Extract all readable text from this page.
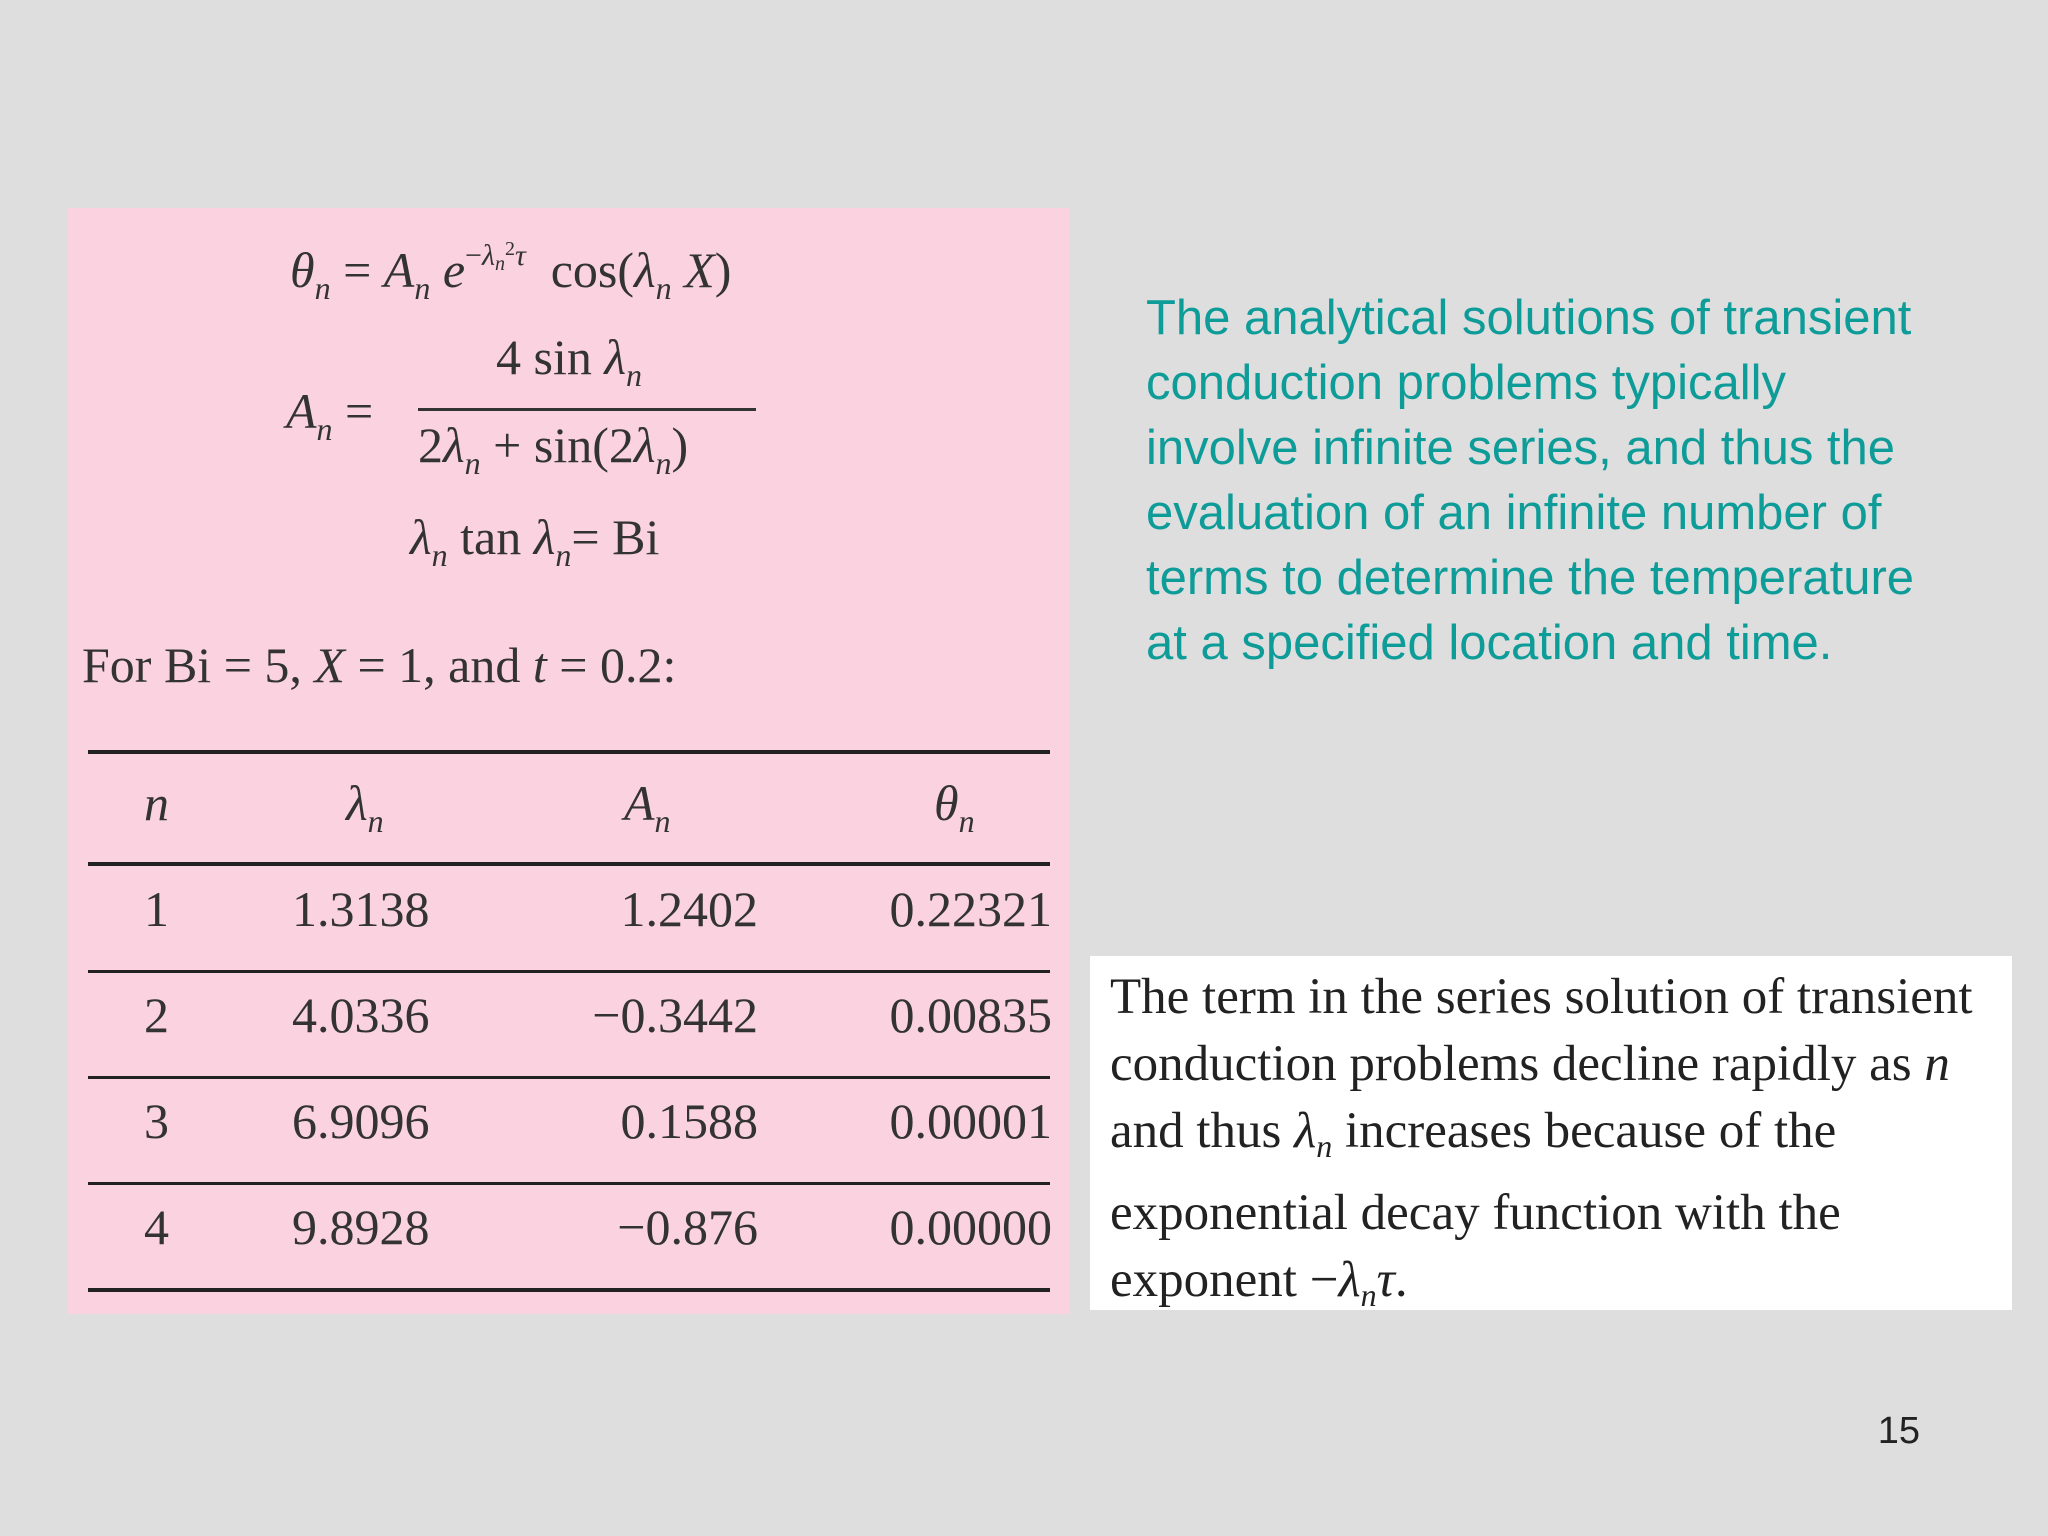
$\theta_n = A_n$ $e^{-\lambda_n^2\tau}$ $\cos(\lambda_n$ X)
$A_n$ =
4 $\sin \lambda_n$
$2\lambda_n + \sin(2\lambda_n)$
$\lambda_n$ $\tan \lambda_n= Bi$
For Bi = 5, X = 1, and t = 0.2:
n	$\lambda_n$	$A_n$	$\theta_n$
1 1.3138	1.2402	0.22321
2 4.0336	−0.3442	0.00835
3 6.9096	0.1588	0.00001
4 9.8928	−0.876	0.00000
The analytical solutions of transient conduction problems typically involve infinite series, and thus the evaluation of an infinite number of terms to determine the temperature at a specified location and time.
The term in the series solution of transient conduction problems decline rapidly as n and thus $\lambda_n$ increases because of the exponential decay function with the exponent $-\lambda_n\tau$.
15
